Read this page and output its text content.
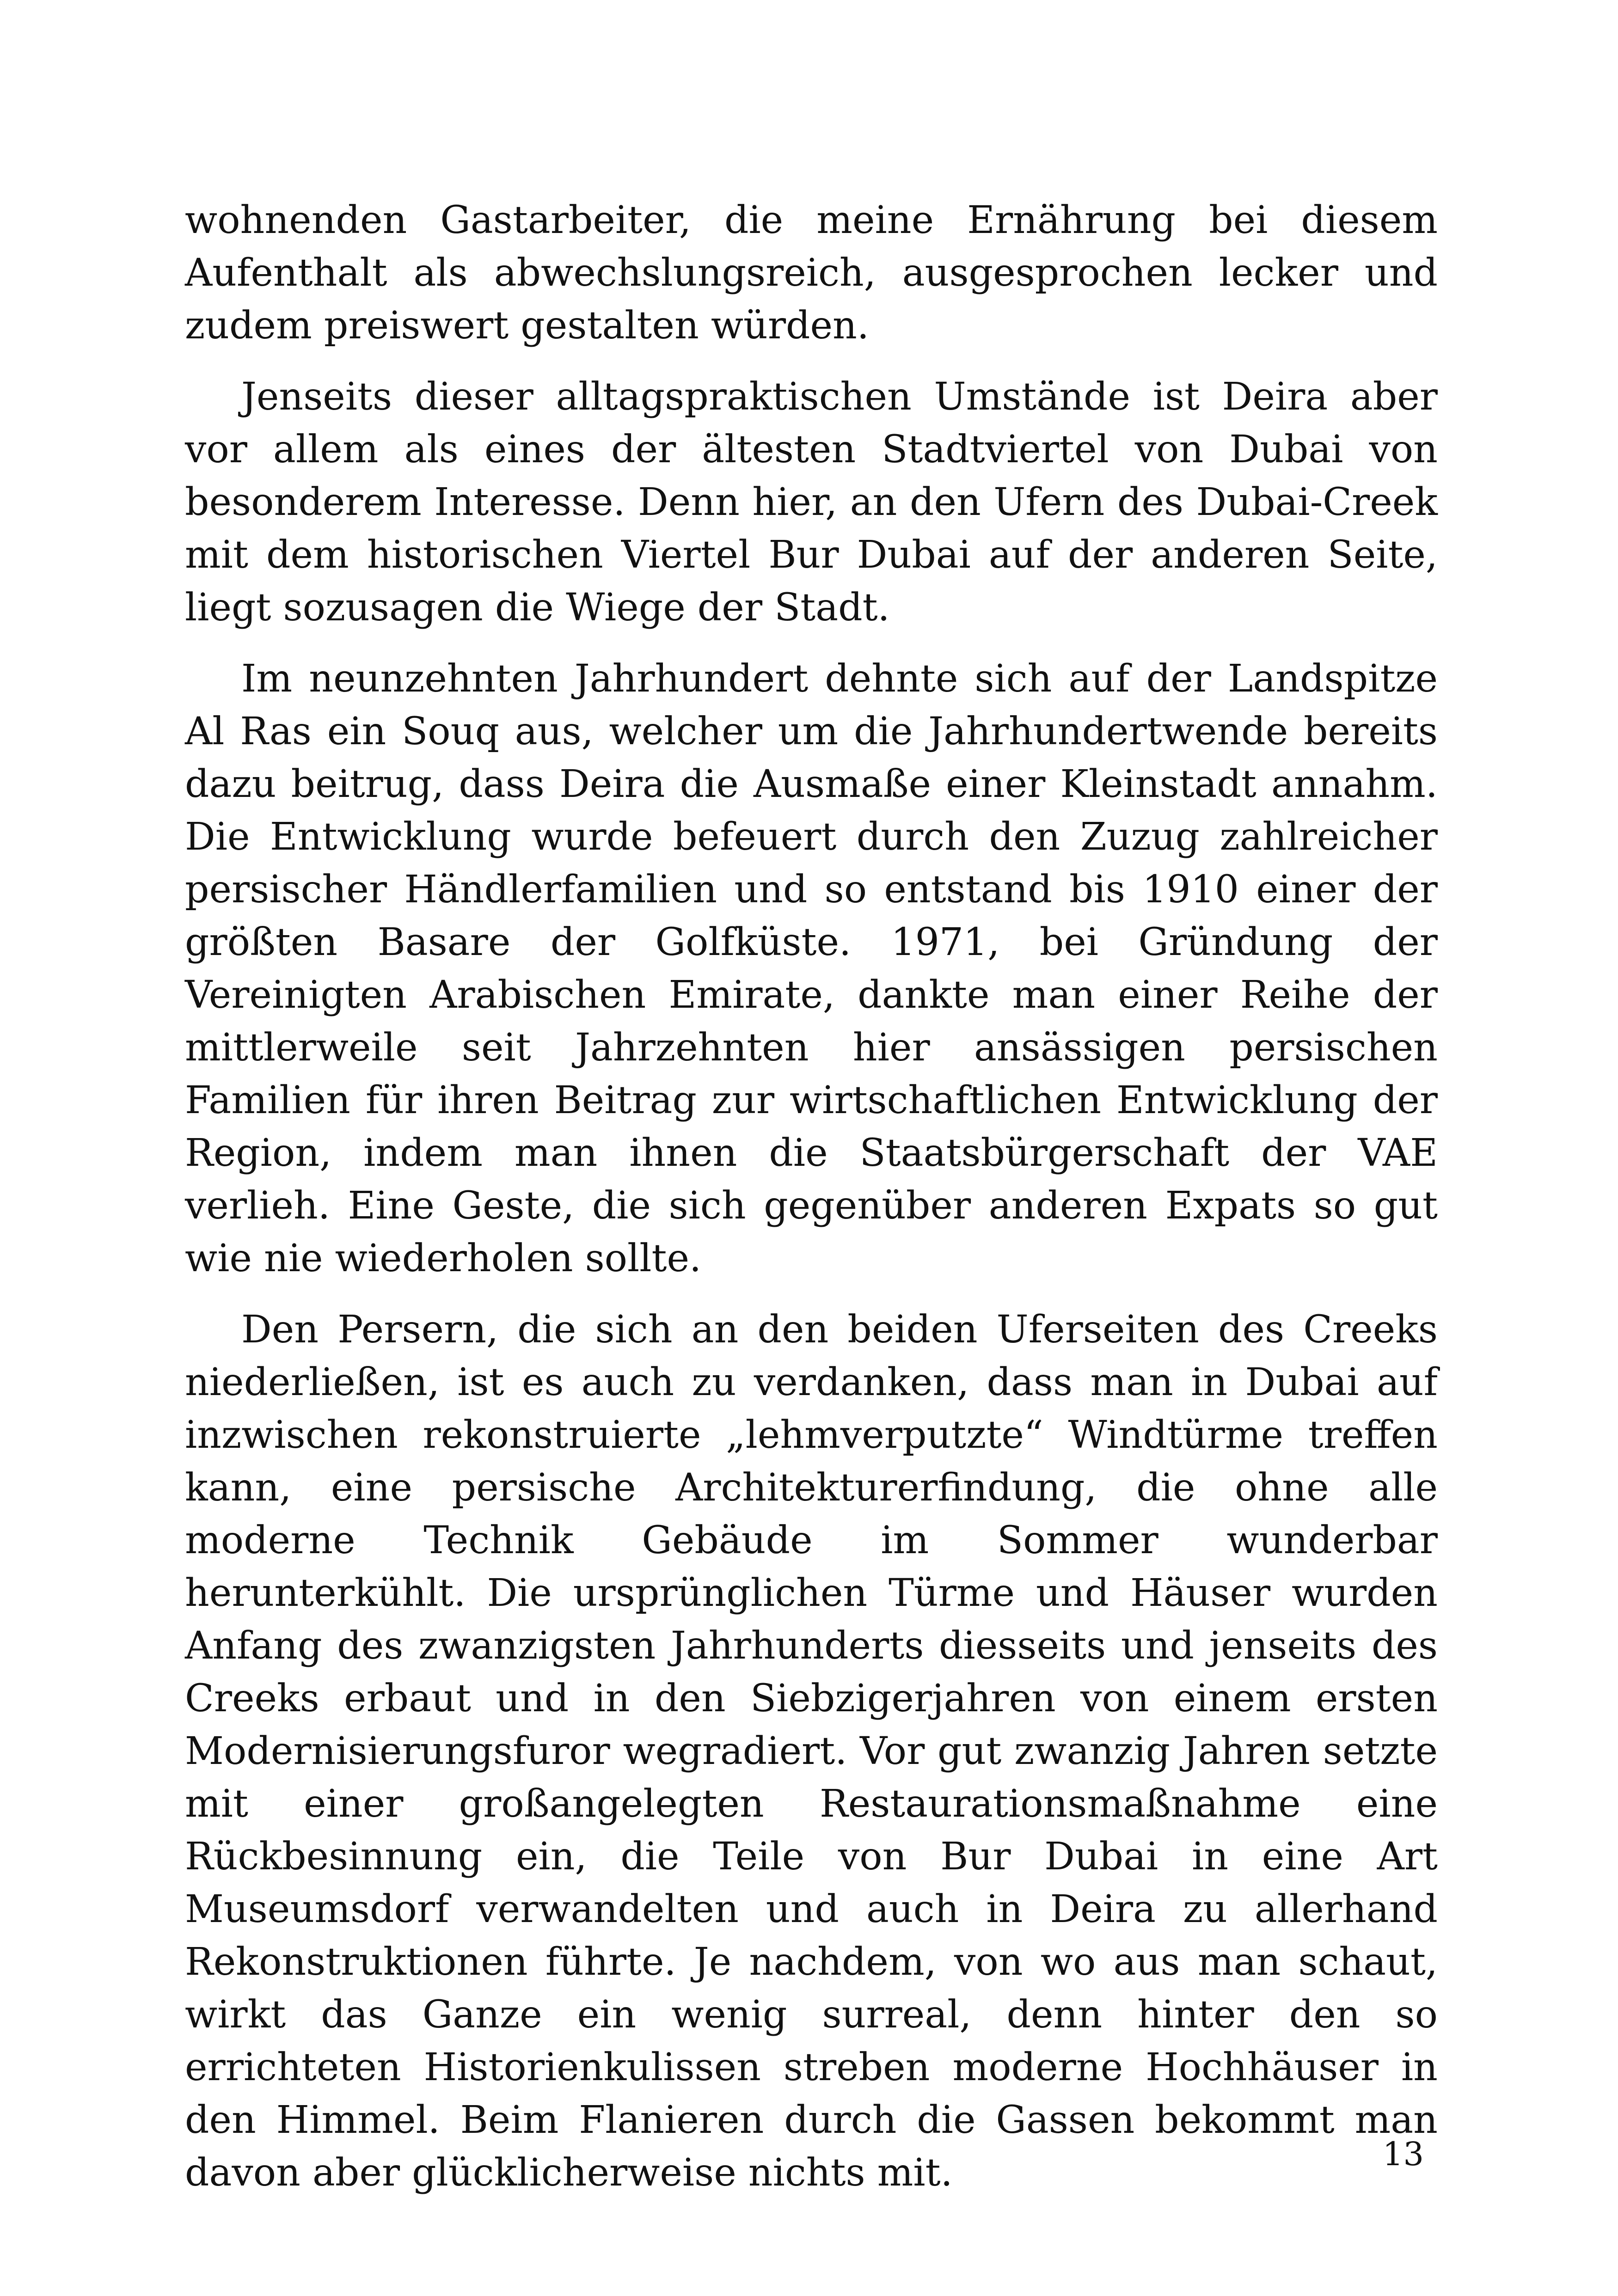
wohnenden Gastarbeiter, die meine Ernährung bei diesem Aufenthalt als abwechslungsreich, ausgesprochen lecker und zudem preiswert gestalten würden.

Jenseits dieser alltagspraktischen Umstände ist Deira aber vor allem als eines der ältesten Stadtviertel von Dubai von besonderem Interesse. Denn hier, an den Ufern des Dubai-Creek mit dem historischen Viertel Bur Dubai auf der anderen Seite, liegt sozusagen die Wiege der Stadt.

Im neunzehnten Jahrhundert dehnte sich auf der Landspitze Al Ras ein Souq aus, welcher um die Jahrhundertwende bereits dazu beitrug, dass Deira die Ausmaße einer Kleinstadt annahm. Die Entwicklung wurde befeuert durch den Zuzug zahlreicher persischer Händlerfamilien und so entstand bis 1910 einer der größten Basare der Golfküste. 1971, bei Gründung der Vereinigten Arabischen Emirate, dankte man einer Reihe der mittlerweile seit Jahrzehnten hier ansässigen persischen Familien für ihren Beitrag zur wirtschaftlichen Entwicklung der Region, indem man ihnen die Staatsbürgerschaft der VAE verlieh. Eine Geste, die sich gegenüber anderen Expats so gut wie nie wiederholen sollte.

Den Persern, die sich an den beiden Uferseiten des Creeks niederließen, ist es auch zu verdanken, dass man in Dubai auf inzwischen rekonstruierte „lehmverputzte“ Windtürme treffen kann, eine persische Architekturerfindung, die ohne alle moderne Technik Gebäude im Sommer wunderbar herunterkühlt. Die ursprünglichen Türme und Häuser wurden Anfang des zwanzigsten Jahrhunderts diesseits und jenseits des Creeks erbaut und in den Siebzigerjahren von einem ersten Modernisierungsfuror wegradiert. Vor gut zwanzig Jahren setzte mit einer großangelegten Restaurationsmaßnahme eine Rückbesinnung ein, die Teile von Bur Dubai in eine Art Museumsdorf verwandelten und auch in Deira zu allerhand Rekonstruktionen führte. Je nachdem, von wo aus man schaut, wirkt das Ganze ein wenig surreal, denn hinter den so errichteten Historienkulissen streben moderne Hochhäuser in den Himmel. Beim Flanieren durch die Gassen bekommt man davon aber glücklicherweise nichts mit.	13
